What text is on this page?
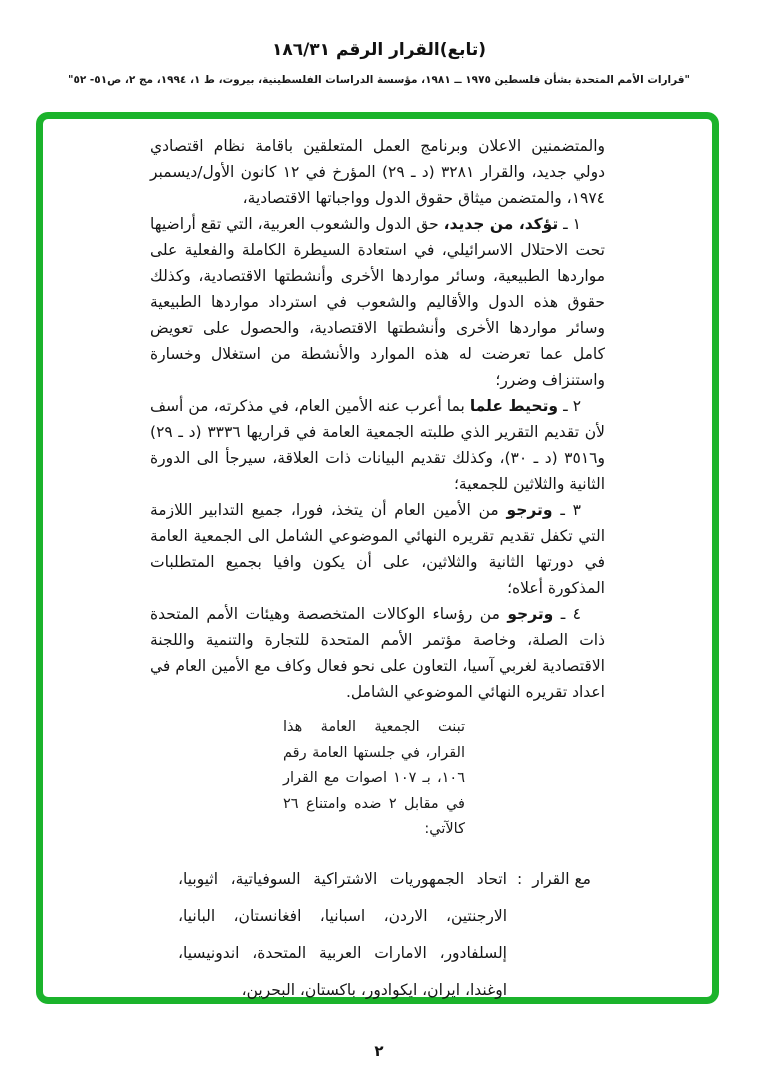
(تابع)القرار الرقم ١٨٦/٣١
"قرارات الأمم المتحدة بشأن فلسطين ١٩٧٥ ــ ١٩٨١، مؤسسة الدراسات الفلسطينية، بيروت، ط ١، ١٩٩٤، مج ٢، ص٥١- ٥٢"

والمتضمنين الاعلان وبرنامج العمل المتعلقين باقامة نظام اقتصادي دولي جديد، والقرار ٣٢٨١ (د ـ ٢٩) المؤرخ في ١٢ كانون الأول/ديسمبر ١٩٧٤، والمتضمن ميثاق حقوق الدول وواجباتها الاقتصادية،

١ ـ تؤكد، من جديد، حق الدول والشعوب العربية، التي تقع أراضيها تحت الاحتلال الاسرائيلي، في استعادة السيطرة الكاملة والفعلية على مواردها الطبيعية، وسائر مواردها الأخرى وأنشطتها الاقتصادية، وكذلك حقوق هذه الدول والأقاليم والشعوب في استرداد مواردها الطبيعية وسائر مواردها الأخرى وأنشطتها الاقتصادية، والحصول على تعويض كامل عما تعرضت له هذه الموارد والأنشطة من استغلال وخسارة واستنزاف وضرر؛

٢ ـ وتحيط علما بما أعرب عنه الأمين العام، في مذكرته، من أسف لأن تقديم التقرير الذي طلبته الجمعية العامة في قراريها ٣٣٣٦ (د ـ ٢٩) و٣٥١٦ (د ـ ٣٠)، وكذلك تقديم البيانات ذات العلاقة، سيرجأ الى الدورة الثانية والثلاثين للجمعية؛

٣ ـ وترجو من الأمين العام أن يتخذ، فورا، جميع التدابير اللازمة التي تكفل تقديم تقريره النهائي الموضوعي الشامل الى الجمعية العامة في دورتها الثانية والثلاثين، على أن يكون وافيا بجميع المتطلبات المذكورة أعلاه؛

٤ ـ وترجو من رؤساء الوكالات المتخصصة وهيئات الأمم المتحدة ذات الصلة، وخاصة مؤتمر الأمم المتحدة للتجارة والتنمية واللجنة الاقتصادية لغربي آسيا، التعاون على نحو فعال وكاف مع الأمين العام في اعداد تقريره النهائي الموضوعي الشامل.

تبنت الجمعية العامة هذا القرار، في جلستها العامة رقم ١٠٦، بـ ١٠٧ اصوات مع القرار في مقابل ٢ ضده وامتناع ٢٦ كالآتي:
مع القرار
:
اتحاد الجمهوريات الاشتراكية السوفياتية، اثيوبيا، الارجنتين، الاردن، اسبانيا، افغانستان، البانيا، إلسلفادور، الامارات العربية المتحدة، اندونيسيا، اوغندا، ايران، ايكوادور، باكستان، البحرين،
٢
